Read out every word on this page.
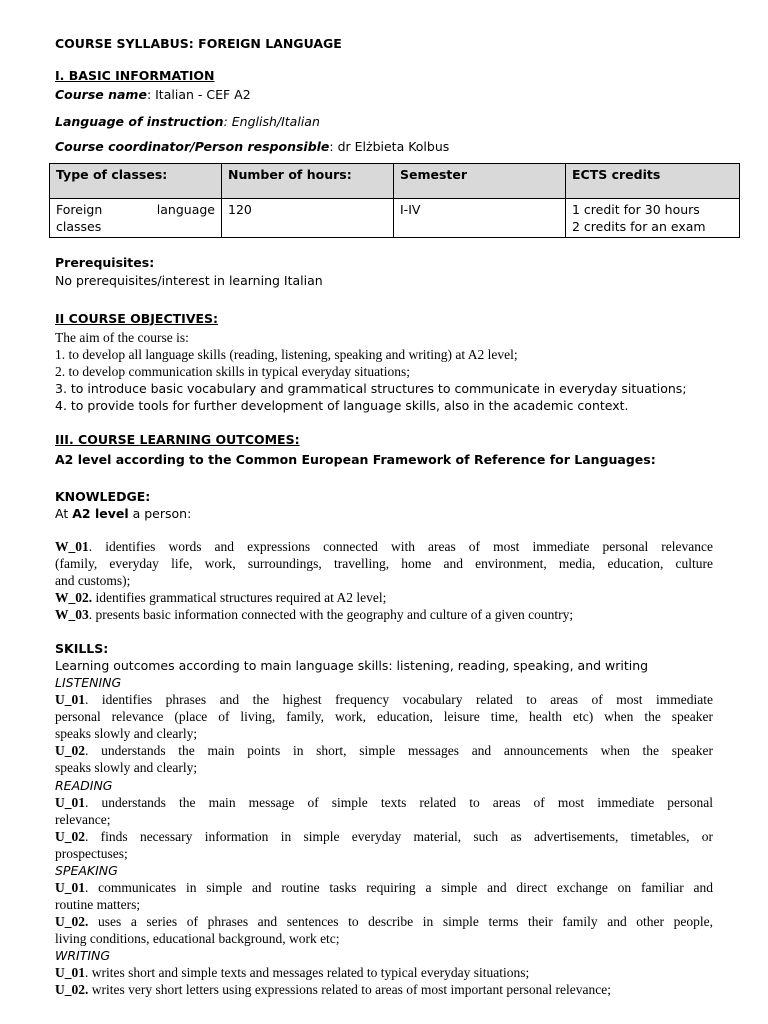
COURSE SYLLABUS: FOREIGN LANGUAGE
I. BASIC INFORMATION
Course name: Italian - CEF A2
Language of instruction: English/Italian
Course coordinator/Person responsible: dr Elżbieta Kolbus
Type of classes:	Number of hours:	Semester	ECTS credits

Foreign language
classes	120	I-IV	1 credit for 30 hours
2 credits for an exam
Prerequisites:
No prerequisites/interest in learning Italian
II COURSE OBJECTIVES:
The aim of the course is:
1. to develop all language skills (reading, listening, speaking and writing) at A2 level;
2. to develop communication skills in typical everyday situations;
3. to introduce basic vocabulary and grammatical structures to communicate in everyday situations;
4. to provide tools for further development of language skills, also in the academic context.
III. COURSE LEARNING OUTCOMES:
A2 level according to the Common European Framework of Reference for Languages:
KNOWLEDGE:
At A2 level a person:
W_01. identifies words and expressions connected with areas of most immediate personal relevance
(family, everyday life, work, surroundings, travelling, home and environment, media, education, culture
and customs);
W_02. identifies grammatical structures required at A2 level;
W_03. presents basic information connected with the geography and culture of a given country;
SKILLS:
Learning outcomes according to main language skills: listening, reading, speaking, and writing
LISTENING
U_01. identifies phrases and the highest frequency vocabulary related to areas of most immediate
personal relevance (place of living, family, work, education, leisure time, health etc) when the speaker
speaks slowly and clearly;
U_02. understands the main points in short, simple messages and announcements when the speaker
speaks slowly and clearly;
READING
U_01. understands the main message of simple texts related to areas of most immediate personal
relevance;
U_02. finds necessary information in simple everyday material, such as advertisements, timetables, or
prospectuses;
SPEAKING
U_01. communicates in simple and routine tasks requiring a simple and direct exchange on familiar and
routine matters;
U_02. uses a series of phrases and sentences to describe in simple terms their family and other people,
living conditions, educational background, work etc;
WRITING
U_01. writes short and simple texts and messages related to typical everyday situations;
U_02. writes very short letters using expressions related to areas of most important personal relevance;
